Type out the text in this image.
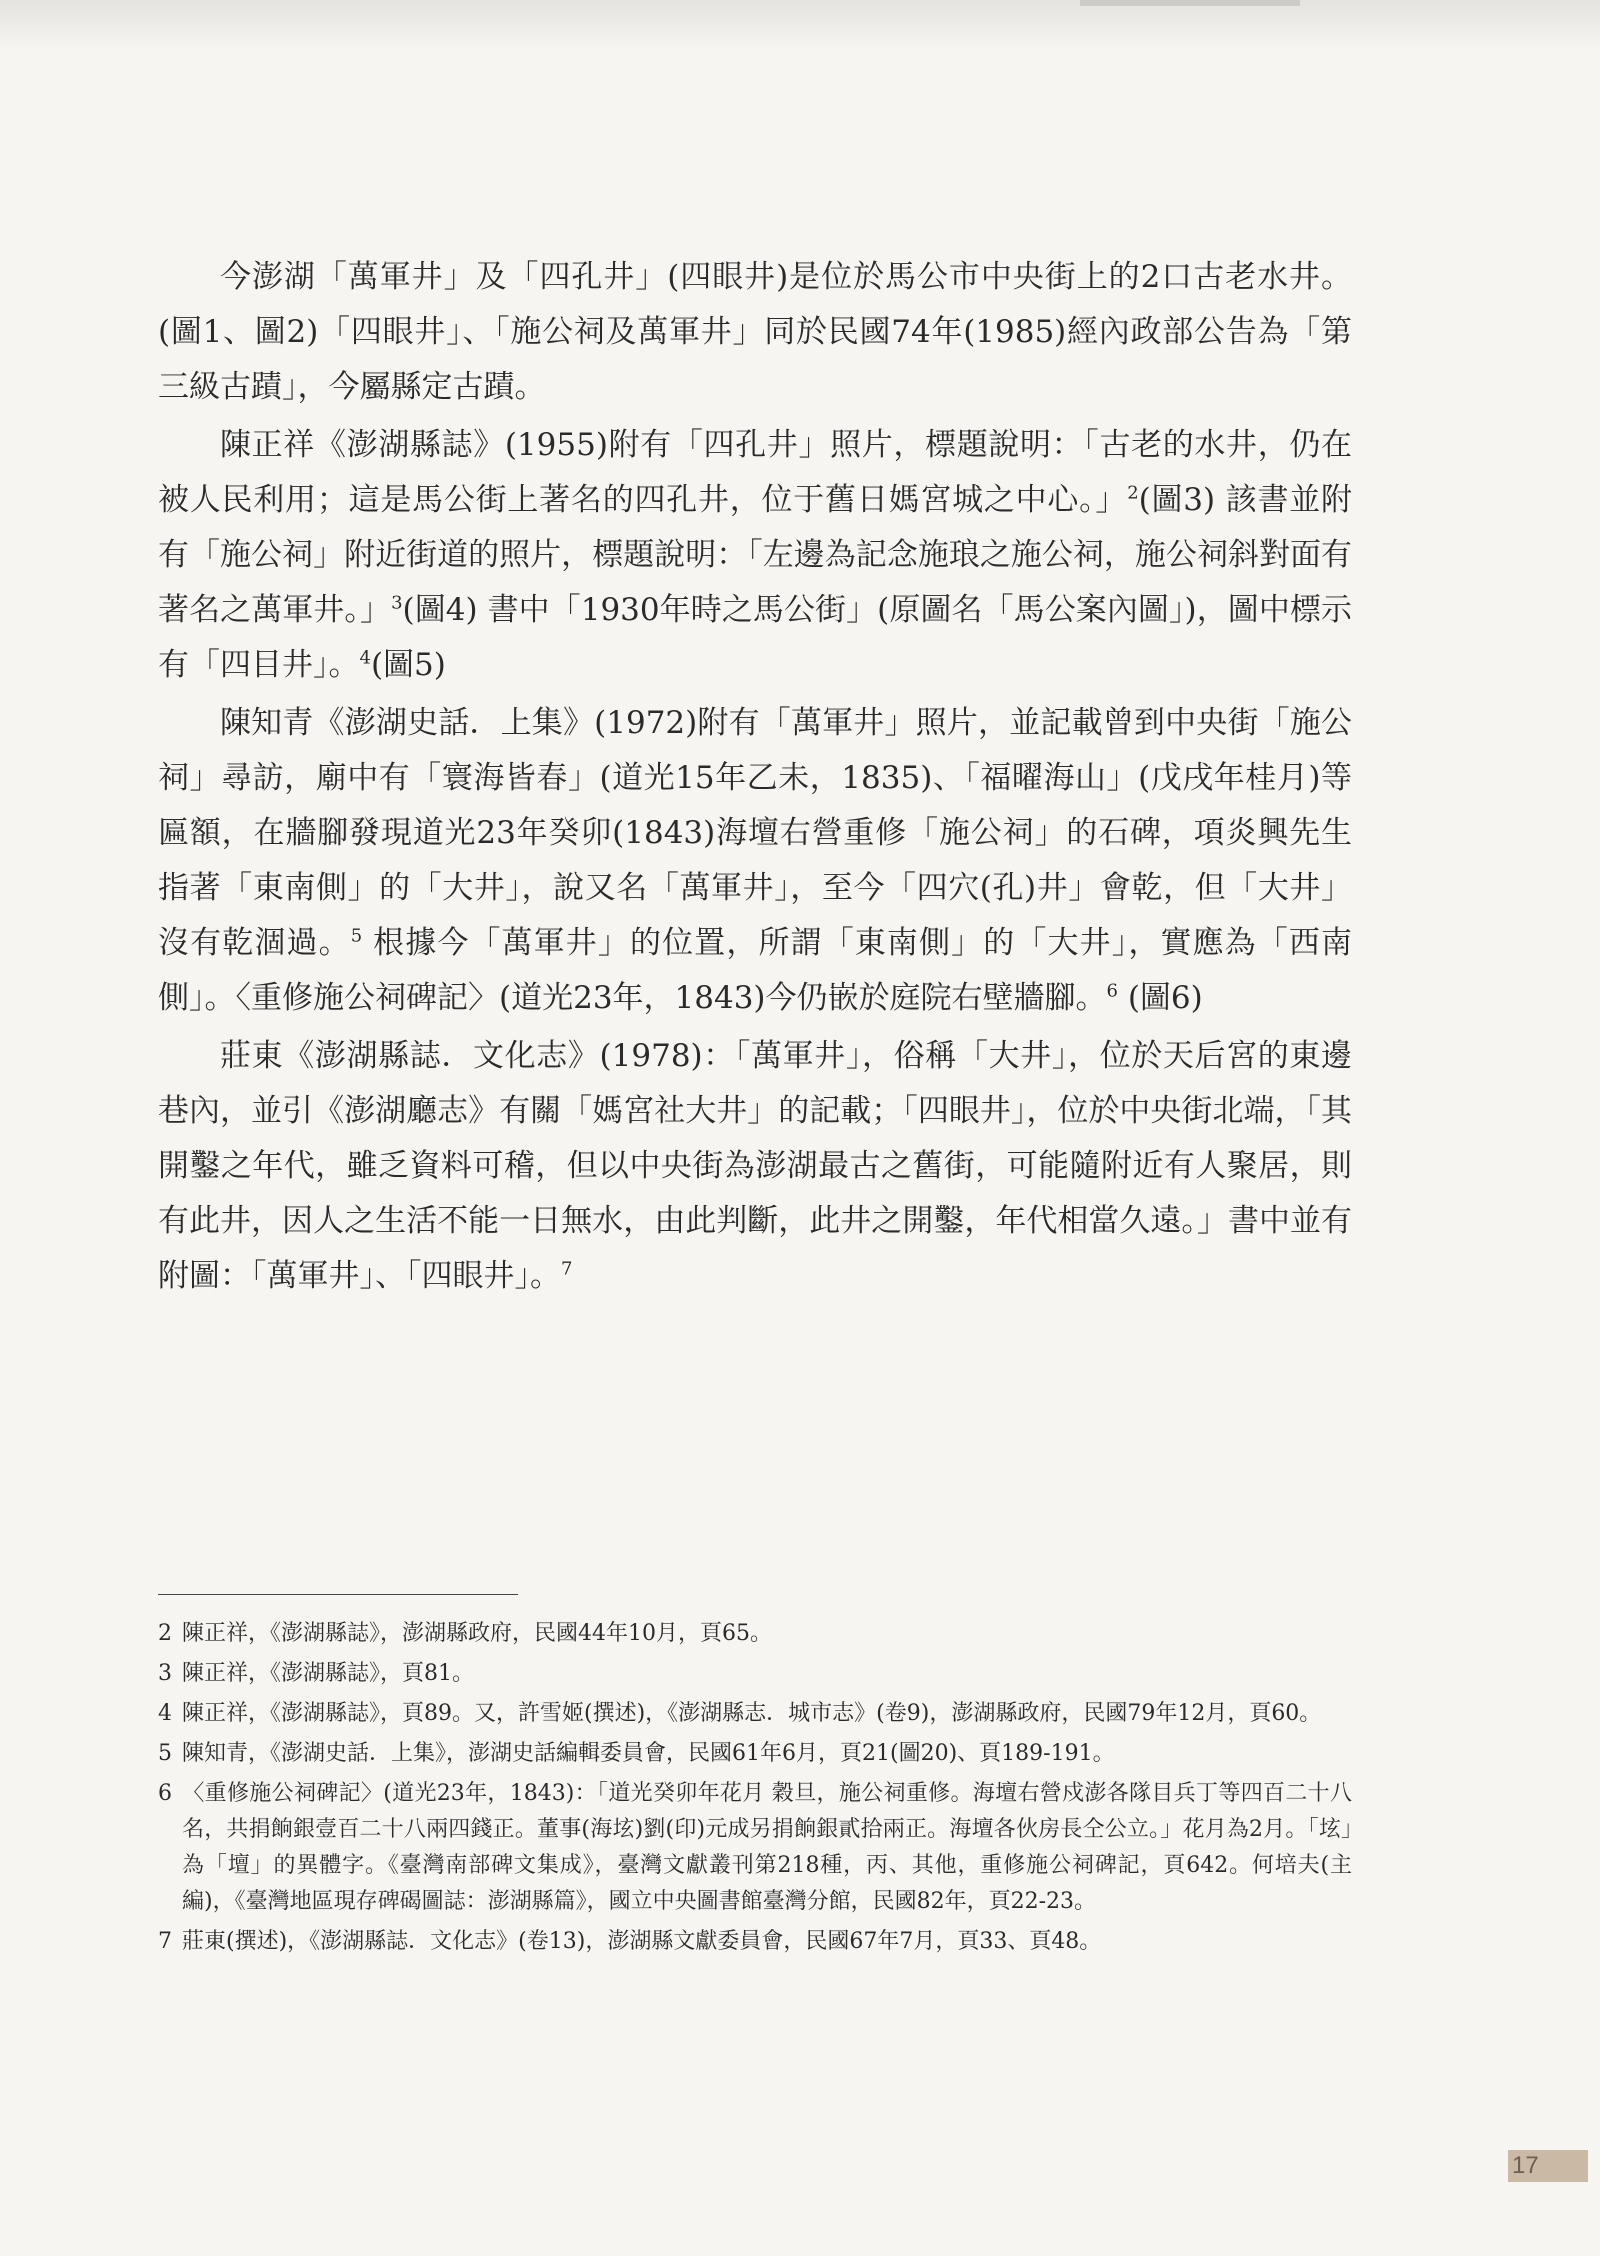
今澎湖「萬軍井」及「四孔井」(四眼井)是位於馬公市中央街上的2口古老水井。(圖1、圖2)「四眼井」、「施公祠及萬軍井」同於民國74年(1985)經內政部公告為「第三級古蹟」，今屬縣定古蹟。

陳正祥《澎湖縣誌》(1955)附有「四孔井」照片，標題說明：「古老的水井，仍在被人民利用；這是馬公街上著名的四孔井，位于舊日媽宮城之中心。」$^2$(圖3) 該書並附有「施公祠」附近街道的照片，標題說明：「左邊為記念施琅之施公祠，施公祠斜對面有著名之萬軍井。」$^3$(圖4) 書中「1930年時之馬公街」(原圖名「馬公案內圖」)，圖中標示有「四目井」。$^4$(圖5)

陳知青《澎湖史話．上集》(1972)附有「萬軍井」照片，並記載曾到中央街「施公祠」尋訪，廟中有「寰海皆春」(道光15年乙未，1835)、「福曜海山」(戊戌年桂月)等匾額，在牆腳發現道光23年癸卯(1843)海壇右營重修「施公祠」的石碑，項炎興先生指著「東南側」的「大井」，說又名「萬軍井」，至今「四穴(孔)井」會乾，但「大井」沒有乾涸過。$^5$ 根據今「萬軍井」的位置，所謂「東南側」的「大井」，實應為「西南側」。〈重修施公祠碑記〉(道光23年，1843)今仍嵌於庭院右壁牆腳。$^6$ (圖6)

莊東《澎湖縣誌．文化志》(1978)：「萬軍井」，俗稱「大井」，位於天后宮的東邊巷內，並引《澎湖廳志》有關「媽宮社大井」的記載；「四眼井」，位於中央街北端，「其開鑿之年代，雖乏資料可稽，但以中央街為澎湖最古之舊街，可能隨附近有人聚居，則有此井，因人之生活不能一日無水，由此判斷，此井之開鑿，年代相當久遠。」書中並有附圖：「萬軍井」、「四眼井」。$^7$

2 陳正祥，《澎湖縣誌》，澎湖縣政府，民國44年10月，頁65。
3 陳正祥，《澎湖縣誌》，頁81。
4 陳正祥，《澎湖縣誌》，頁89。又，許雪姬(撰述)，《澎湖縣志．城市志》(卷9)，澎湖縣政府，民國79年12月，頁60。
5 陳知青，《澎湖史話．上集》，澎湖史話編輯委員會，民國61年6月，頁21(圖20)、頁189-191。
6 〈重修施公祠碑記〉(道光23年，1843)：「道光癸卯年花月 穀旦，施公祠重修。海壇右營戍澎各隊目兵丁等四百二十八名，共捐餉銀壹百二十八兩四錢正。董事(海𡊨)劉(印)元成另捐餉銀貳拾兩正。海壇各伙房長仝公立。」花月為2月。「𡊨」為「壇」的異體字。《臺灣南部碑文集成》，臺灣文獻叢刊第218種，丙、其他，重修施公祠碑記，頁642。何培夫(主編)，《臺灣地區現存碑碣圖誌：澎湖縣篇》，國立中央圖書館臺灣分館，民國82年，頁22-23。
7 莊東(撰述)，《澎湖縣誌．文化志》(卷13)，澎湖縣文獻委員會，民國67年7月，頁33、頁48。
17
